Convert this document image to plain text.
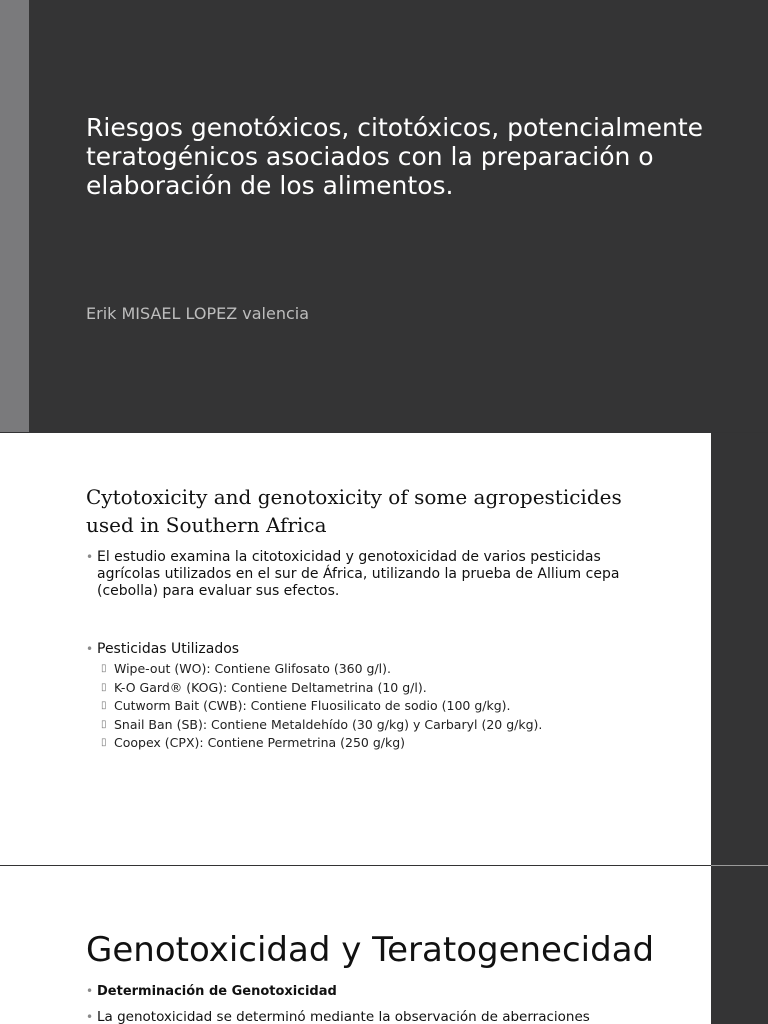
Riesgos genotóxicos, citotóxicos, potencialmente teratogénicos asociados con la preparación o elaboración de los alimentos.

Erik MISAEL LOPEZ valencia

Cytotoxicity and genotoxicity of some agropesticides used in Southern Africa
• El estudio examina la citotoxicidad y genotoxicidad de varios pesticidas agrícolas utilizados en el sur de África, utilizando la prueba de Allium cepa (cebolla) para evaluar sus efectos.
• Pesticidas Utilizados
▯ Wipe-out (WO): Contiene Glifosato (360 g/l).
▯ K-O Gard® (KOG): Contiene Deltametrina (10 g/l).
▯ Cutworm Bait (CWB): Contiene Fluosilicato de sodio (100 g/kg).
▯ Snail Ban (SB): Contiene Metaldehído (30 g/kg) y Carbaryl (20 g/kg).
▯ Coopex (CPX): Contiene Permetrina (250 g/kg)
Genotoxicidad y Teratogenecidad
• Determinación de Genotoxicidad
• La genotoxicidad se determinó mediante la observación de aberraciones
